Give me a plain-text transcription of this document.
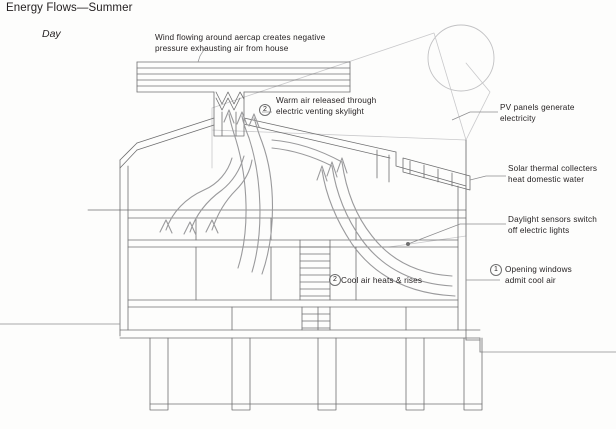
Energy Flows—Summer
Day	Wind flowing around aercap creates negative
pressure exhausting air from house
2
Warm air released through
electric venting skylight	PV panels generate
electricity
Solar thermal collecters
heat domestic water
Daylight sensors switch
off electric lights
2 Cool air heats & rises
1 Opening windows
admit cool air
